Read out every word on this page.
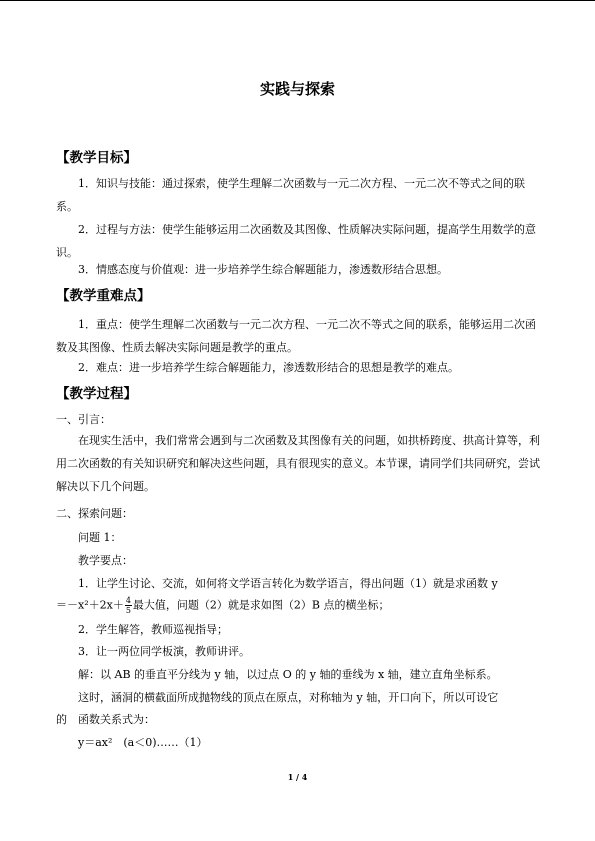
实践与探索
【教学目标】
1．知识与技能：通过探索，使学生理解二次函数与一元二次方程、一元二次不等式之间的联系。
2．过程与方法：使学生能够运用二次函数及其图像、性质解决实际问题，提高学生用数学的意识。
3．情感态度与价值观：进一步培养学生综合解题能力，渗透数形结合思想。
【教学重难点】
1．重点：使学生理解二次函数与一元二次方程、一元二次不等式之间的联系，能够运用二次函数及其图像、性质去解决实际问题是教学的重点。
2．难点：进一步培养学生综合解题能力，渗透数形结合的思想是教学的难点。
【教学过程】
一、引言：
在现实生活中，我们常常会遇到与二次函数及其图像有关的问题，如拱桥跨度、拱高计算等，利用二次函数的有关知识研究和解决这些问题，具有很现实的意义。本节课，请同学们共同研究，尝试解决以下几个问题。
二、探索问题：
问题 1：
教学要点：
1．让学生讨论、交流，如何将文学语言转化为数学语言，得出问题（1）就是求函数 y
$=-x^2+2x+ \frac{4}{5}$ 最大值，问题（2）就是求如图（2）B 点的横坐标；
2．学生解答，教师巡视指导；
3．让一两位同学板演，教师讲评。
解：以 AB 的垂直平分线为 y 轴，以过点 O 的 y 轴的垂线为 x 轴，建立直角坐标系。
这时，涵洞的横截面所成抛物线的顶点在原点，对称轴为 y 轴，开口向下，所以可设它
的　函数关系式为：
y＝ax²　(a＜0)……（1）
1 / 4
